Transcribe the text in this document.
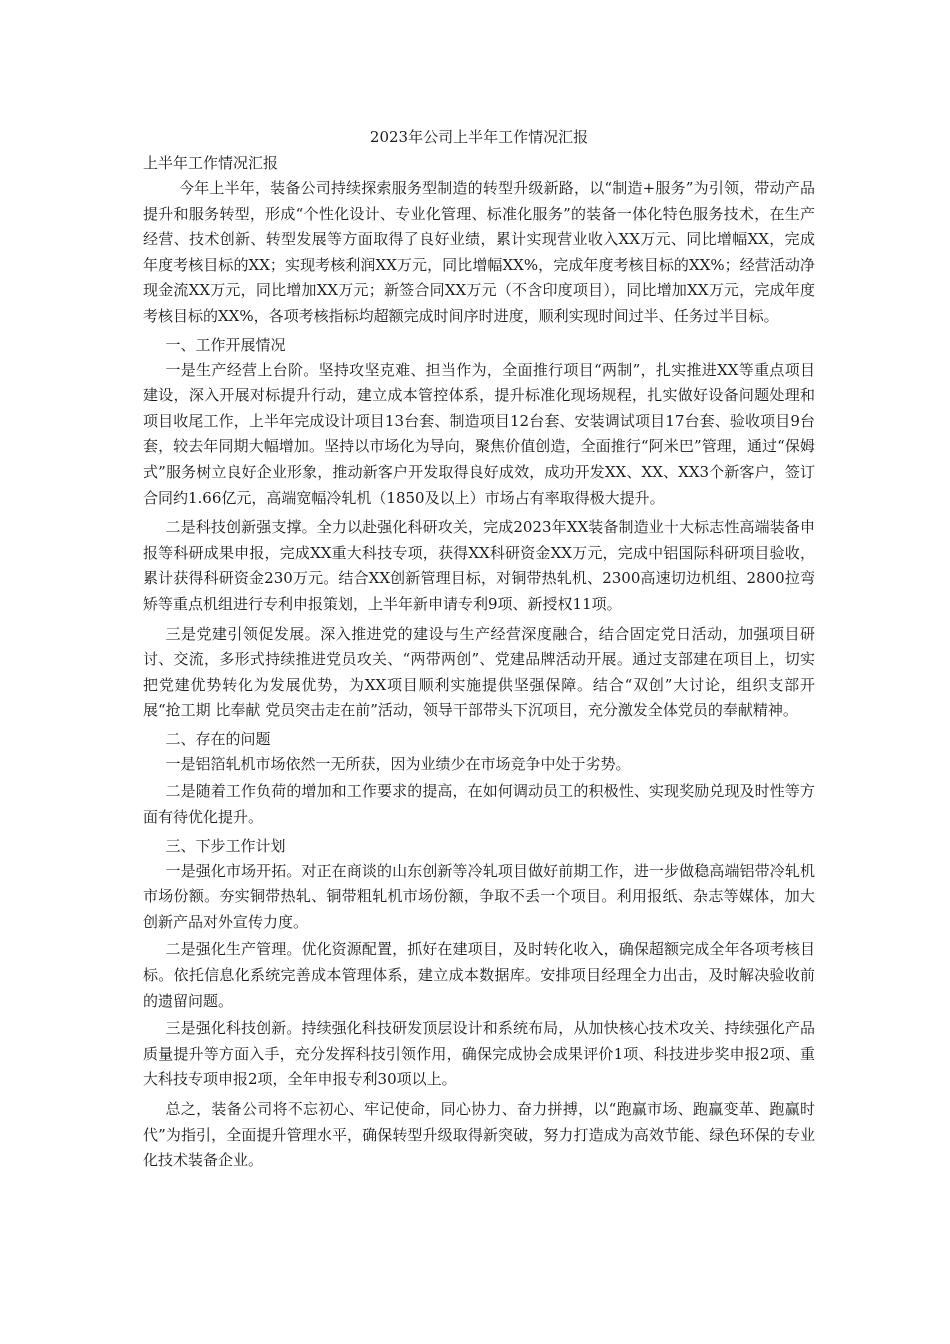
2023年公司上半年工作情况汇报

上半年工作情况汇报

今年上半年，装备公司持续探索服务型制造的转型升级新路，以“制造+服务”为引领，带动产品提升和服务转型，形成“个性化设计、专业化管理、标准化服务”的装备一体化特色服务技术，在生产经营、技术创新、转型发展等方面取得了良好业绩，累计实现营业收入XX万元、同比增幅XX，完成年度考核目标的XX；实现考核利润XX万元，同比增幅XX%，完成年度考核目标的XX%；经营活动净现金流XX万元，同比增加XX万元；新签合同XX万元（不含印度项目），同比增加XX万元，完成年度考核目标的XX%，各项考核指标均超额完成时间序时进度，顺利实现时间过半、任务过半目标。

一、工作开展情况

一是生产经营上台阶。坚持攻坚克难、担当作为，全面推行项目“两制”，扎实推进XX等重点项目建设，深入开展对标提升行动，建立成本管控体系，提升标准化现场规程，扎实做好设备问题处理和项目收尾工作，上半年完成设计项目13台套、制造项目12台套、安装调试项目17台套、验收项目9台套，较去年同期大幅增加。坚持以市场化为导向，聚焦价值创造，全面推行“阿米巴”管理，通过“保姆式”服务树立良好企业形象，推动新客户开发取得良好成效，成功开发XX、XX、XX3个新客户，签订合同约1.66亿元，高端宽幅冷轧机（1850及以上）市场占有率取得极大提升。

二是科技创新强支撑。全力以赴强化科研攻关，完成2023年XX装备制造业十大标志性高端装备申报等科研成果申报，完成XX重大科技专项，获得XX科研资金XX万元，完成中铝国际科研项目验收，累计获得科研资金230万元。结合XX创新管理目标，对铜带热轧机、2300高速切边机组、2800拉弯矫等重点机组进行专利申报策划，上半年新申请专利9项、新授权11项。

三是党建引领促发展。深入推进党的建设与生产经营深度融合，结合固定党日活动，加强项目研讨、交流，多形式持续推进党员攻关、“两带两创”、党建品牌活动开展。通过支部建在项目上，切实把党建优势转化为发展优势，为XX项目顺利实施提供坚强保障。结合“双创”大讨论，组织支部开展“抢工期 比奉献 党员突击走在前”活动，领导干部带头下沉项目，充分激发全体党员的奉献精神。

二、存在的问题

一是铝箔轧机市场依然一无所获，因为业绩少在市场竞争中处于劣势。

二是随着工作负荷的增加和工作要求的提高，在如何调动员工的积极性、实现奖励兑现及时性等方面有待优化提升。

三、下步工作计划

一是强化市场开拓。对正在商谈的山东创新等冷轧项目做好前期工作，进一步做稳高端铝带冷轧机市场份额。夯实铜带热轧、铜带粗轧机市场份额，争取不丢一个项目。利用报纸、杂志等媒体，加大创新产品对外宣传力度。

二是强化生产管理。优化资源配置，抓好在建项目，及时转化收入，确保超额完成全年各项考核目标。依托信息化系统完善成本管理体系，建立成本数据库。安排项目经理全力出击，及时解决验收前的遗留问题。

三是强化科技创新。持续强化科技研发顶层设计和系统布局，从加快核心技术攻关、持续强化产品质量提升等方面入手，充分发挥科技引领作用，确保完成协会成果评价1项、科技进步奖申报2项、重大科技专项申报2项，全年申报专利30项以上。

总之，装备公司将不忘初心、牢记使命，同心协力、奋力拼搏，以“跑赢市场、跑赢变革、跑赢时代”为指引，全面提升管理水平，确保转型升级取得新突破，努力打造成为高效节能、绿色环保的专业化技术装备企业。
